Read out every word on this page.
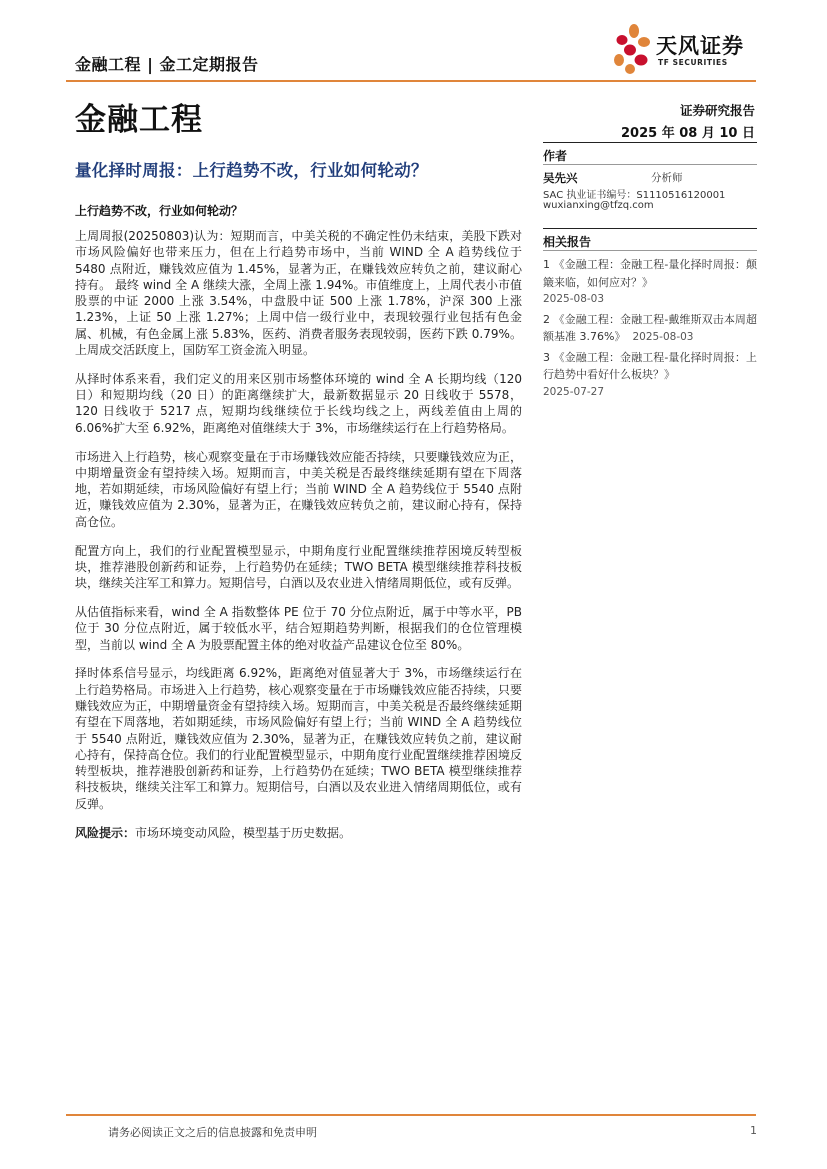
金融工程 | 金工定期报告
天风证券
TF SECURITIES
金融工程	证券研究报告
2025 年 08 月 10 日
量化择时周报：上行趋势不改，行业如何轮动？
上行趋势不改，行业如何轮动？

上周周报(20250803)认为：短期而言，中美关税的不确定性仍未结束，美股下跌对市场风险偏好也带来压力，但在上行趋势市场中，当前 WIND 全 A 趋势线位于 5480 点附近，赚钱效应值为 1.45%，显著为正，在赚钱效应转负之前，建议耐心持有。 最终 wind 全 A 继续大涨，全周上涨 1.94%。市值维度上，上周代表小市值股票的中证 2000 上涨 3.54%，中盘股中证 500 上涨 1.78%，沪深 300 上涨 1.23%，上证 50 上涨 1.27%；上周中信一级行业中，表现较强行业包括有色金属、机械，有色金属上涨 5.83%，医药、消费者服务表现较弱，医药下跌 0.79%。上周成交活跃度上，国防军工资金流入明显。

从择时体系来看，我们定义的用来区别市场整体环境的 wind 全 A 长期均线（120 日）和短期均线（20 日）的距离继续扩大，最新数据显示 20 日线收于 5578，120 日线收于 5217 点，短期均线继续位于长线均线之上，两线差值由上周的 6.06%扩大至 6.92%，距离绝对值继续大于 3%，市场继续运行在上行趋势格局。

市场进入上行趋势，核心观察变量在于市场赚钱效应能否持续，只要赚钱效应为正，中期增量资金有望持续入场。短期而言，中美关税是否最终继续延期有望在下周落地，若如期延续，市场风险偏好有望上行；当前 WIND 全 A 趋势线位于 5540 点附近，赚钱效应值为 2.30%，显著为正，在赚钱效应转负之前，建议耐心持有，保持高仓位。

配置方向上，我们的行业配置模型显示，中期角度行业配置继续推荐困境反转型板块，推荐港股创新药和证券，上行趋势仍在延续；TWO BETA 模型继续推荐科技板块，继续关注军工和算力。短期信号，白酒以及农业进入情绪周期低位，或有反弹。

从估值指标来看，wind 全 A 指数整体 PE 位于 70 分位点附近，属于中等水平，PB 位于 30 分位点附近，属于较低水平，结合短期趋势判断，根据我们的仓位管理模型，当前以 wind 全 A 为股票配置主体的绝对收益产品建议仓位至 80%。

择时体系信号显示，均线距离 6.92%，距离绝对值显著大于 3%，市场继续运行在上行趋势格局。市场进入上行趋势，核心观察变量在于市场赚钱效应能否持续，只要赚钱效应为正，中期增量资金有望持续入场。短期而言，中美关税是否最终继续延期有望在下周落地，若如期延续，市场风险偏好有望上行；当前 WIND 全 A 趋势线位于 5540 点附近，赚钱效应值为 2.30%，显著为正，在赚钱效应转负之前，建议耐心持有，保持高仓位。我们的行业配置模型显示，中期角度行业配置继续推荐困境反转型板块，推荐港股创新药和证券，上行趋势仍在延续；TWO BETA 模型继续推荐科技板块，继续关注军工和算力。短期信号，白酒以及农业进入情绪周期低位，或有反弹。

风险提示：市场环境变动风险，模型基于历史数据。

作者
吴先兴	分析师
SAC 执业证书编号：S1110516120001
wuxianxing@tfzq.com
相关报告
1 《金融工程：金融工程-量化择时周报：颠簸来临，如何应对？》
2025-08-03
2 《金融工程：金融工程-戴维斯双击本周超额基准 3.76%》 2025-08-03
3 《金融工程：金融工程-量化择时周报：上行趋势中看好什么板块？》
2025-07-27
请务必阅读正文之后的信息披露和免责申明	1
